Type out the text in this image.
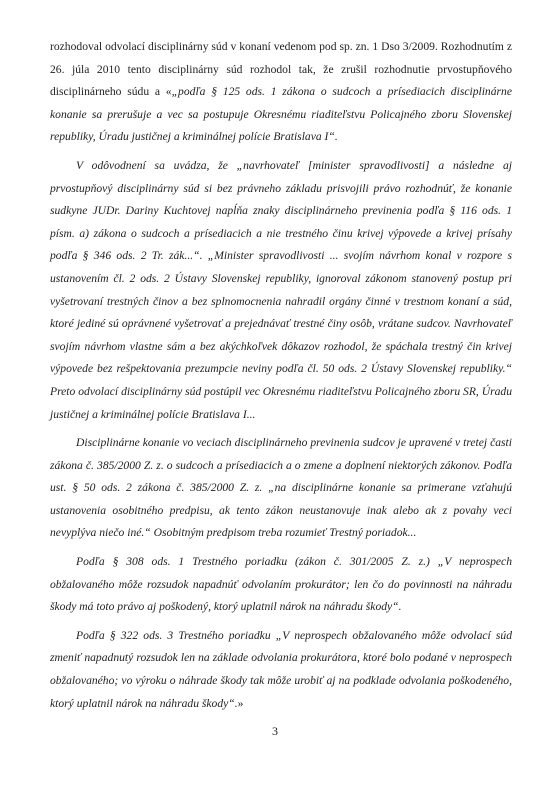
rozhodoval odvolací disciplinárny súd v konaní vedenom pod sp. zn. 1 Dso 3/2009. Rozhodnutím z 26. júla 2010 tento disciplinárny súd rozhodol tak, že zrušil rozhodnutie prvostupňového disciplinárneho súdu a «„podľa § 125 ods. 1 zákona o sudcoch a prísediacich disciplinárne konanie sa prerušuje a vec sa postupuje Okresnému riaditeľstvu Policajného zboru Slovenskej republiky, Úradu justičnej a kriminálnej polície Bratislava I“.

V odôvodnení sa uvádza, že „navrhovateľ [minister spravodlivosti] a následne aj prvostupňový disciplinárny súd si bez právneho základu prisvojili právo rozhodnúť, že konanie sudkyne JUDr. Dariny Kuchtovej napĺňa znaky disciplinárneho previnenia podľa § 116 ods. 1 písm. a) zákona o sudcoch a prísediacich a nie trestného činu krivej výpovede a krivej prísahy podľa § 346 ods. 2 Tr. zák...“. „Minister spravodlivosti ... svojím návrhom konal v rozpore s ustanovením čl. 2 ods. 2 Ústavy Slovenskej republiky, ignoroval zákonom stanovený postup pri vyšetrovaní trestných činov a bez splnomocnenia nahradil orgány činné v trestnom konaní a súd, ktoré jediné sú oprávnené vyšetrovať a prejednávať trestné činy osôb, vrátane sudcov. Navrhovateľ svojím návrhom vlastne sám a bez akýchkoľvek dôkazov rozhodol, že spáchala trestný čin krivej výpovede bez rešpektovania prezumpcie neviny podľa čl. 50 ods. 2 Ústavy Slovenskej republiky.“ Preto odvolací disciplinárny súd postúpil vec Okresnému riaditeľstvu Policajného zboru SR, Úradu justičnej a kriminálnej polície Bratislava I...

Disciplinárne konanie vo veciach disciplinárneho previnenia sudcov je upravené v tretej časti zákona č. 385/2000 Z. z. o sudcoch a prísediacich a o zmene a doplnení niektorých zákonov. Podľa ust. § 50 ods. 2 zákona č. 385/2000 Z. z. „na disciplinárne konanie sa primerane vzťahujú ustanovenia osobitného predpisu, ak tento zákon neustanovuje inak alebo ak z povahy veci nevyplýva niečo iné.“ Osobitným predpisom treba rozumieť Trestný poriadok...

Podľa § 308 ods. 1 Trestného poriadku (zákon č. 301/2005 Z. z.) „V neprospech obžalovaného môže rozsudok napadnúť odvolaním prokurátor; len čo do povinnosti na náhradu škody má toto právo aj poškodený, ktorý uplatnil nárok na náhradu škody“.

Podľa § 322 ods. 3 Trestného poriadku „V neprospech obžalovaného môže odvolací súd zmeniť napadnutý rozsudok len na základe odvolania prokurátora, ktoré bolo podané v neprospech obžalovaného; vo výroku o náhrade škody tak môže urobiť aj na podklade odvolania poškodeného, ktorý uplatnil nárok na náhradu škody“.»

3
